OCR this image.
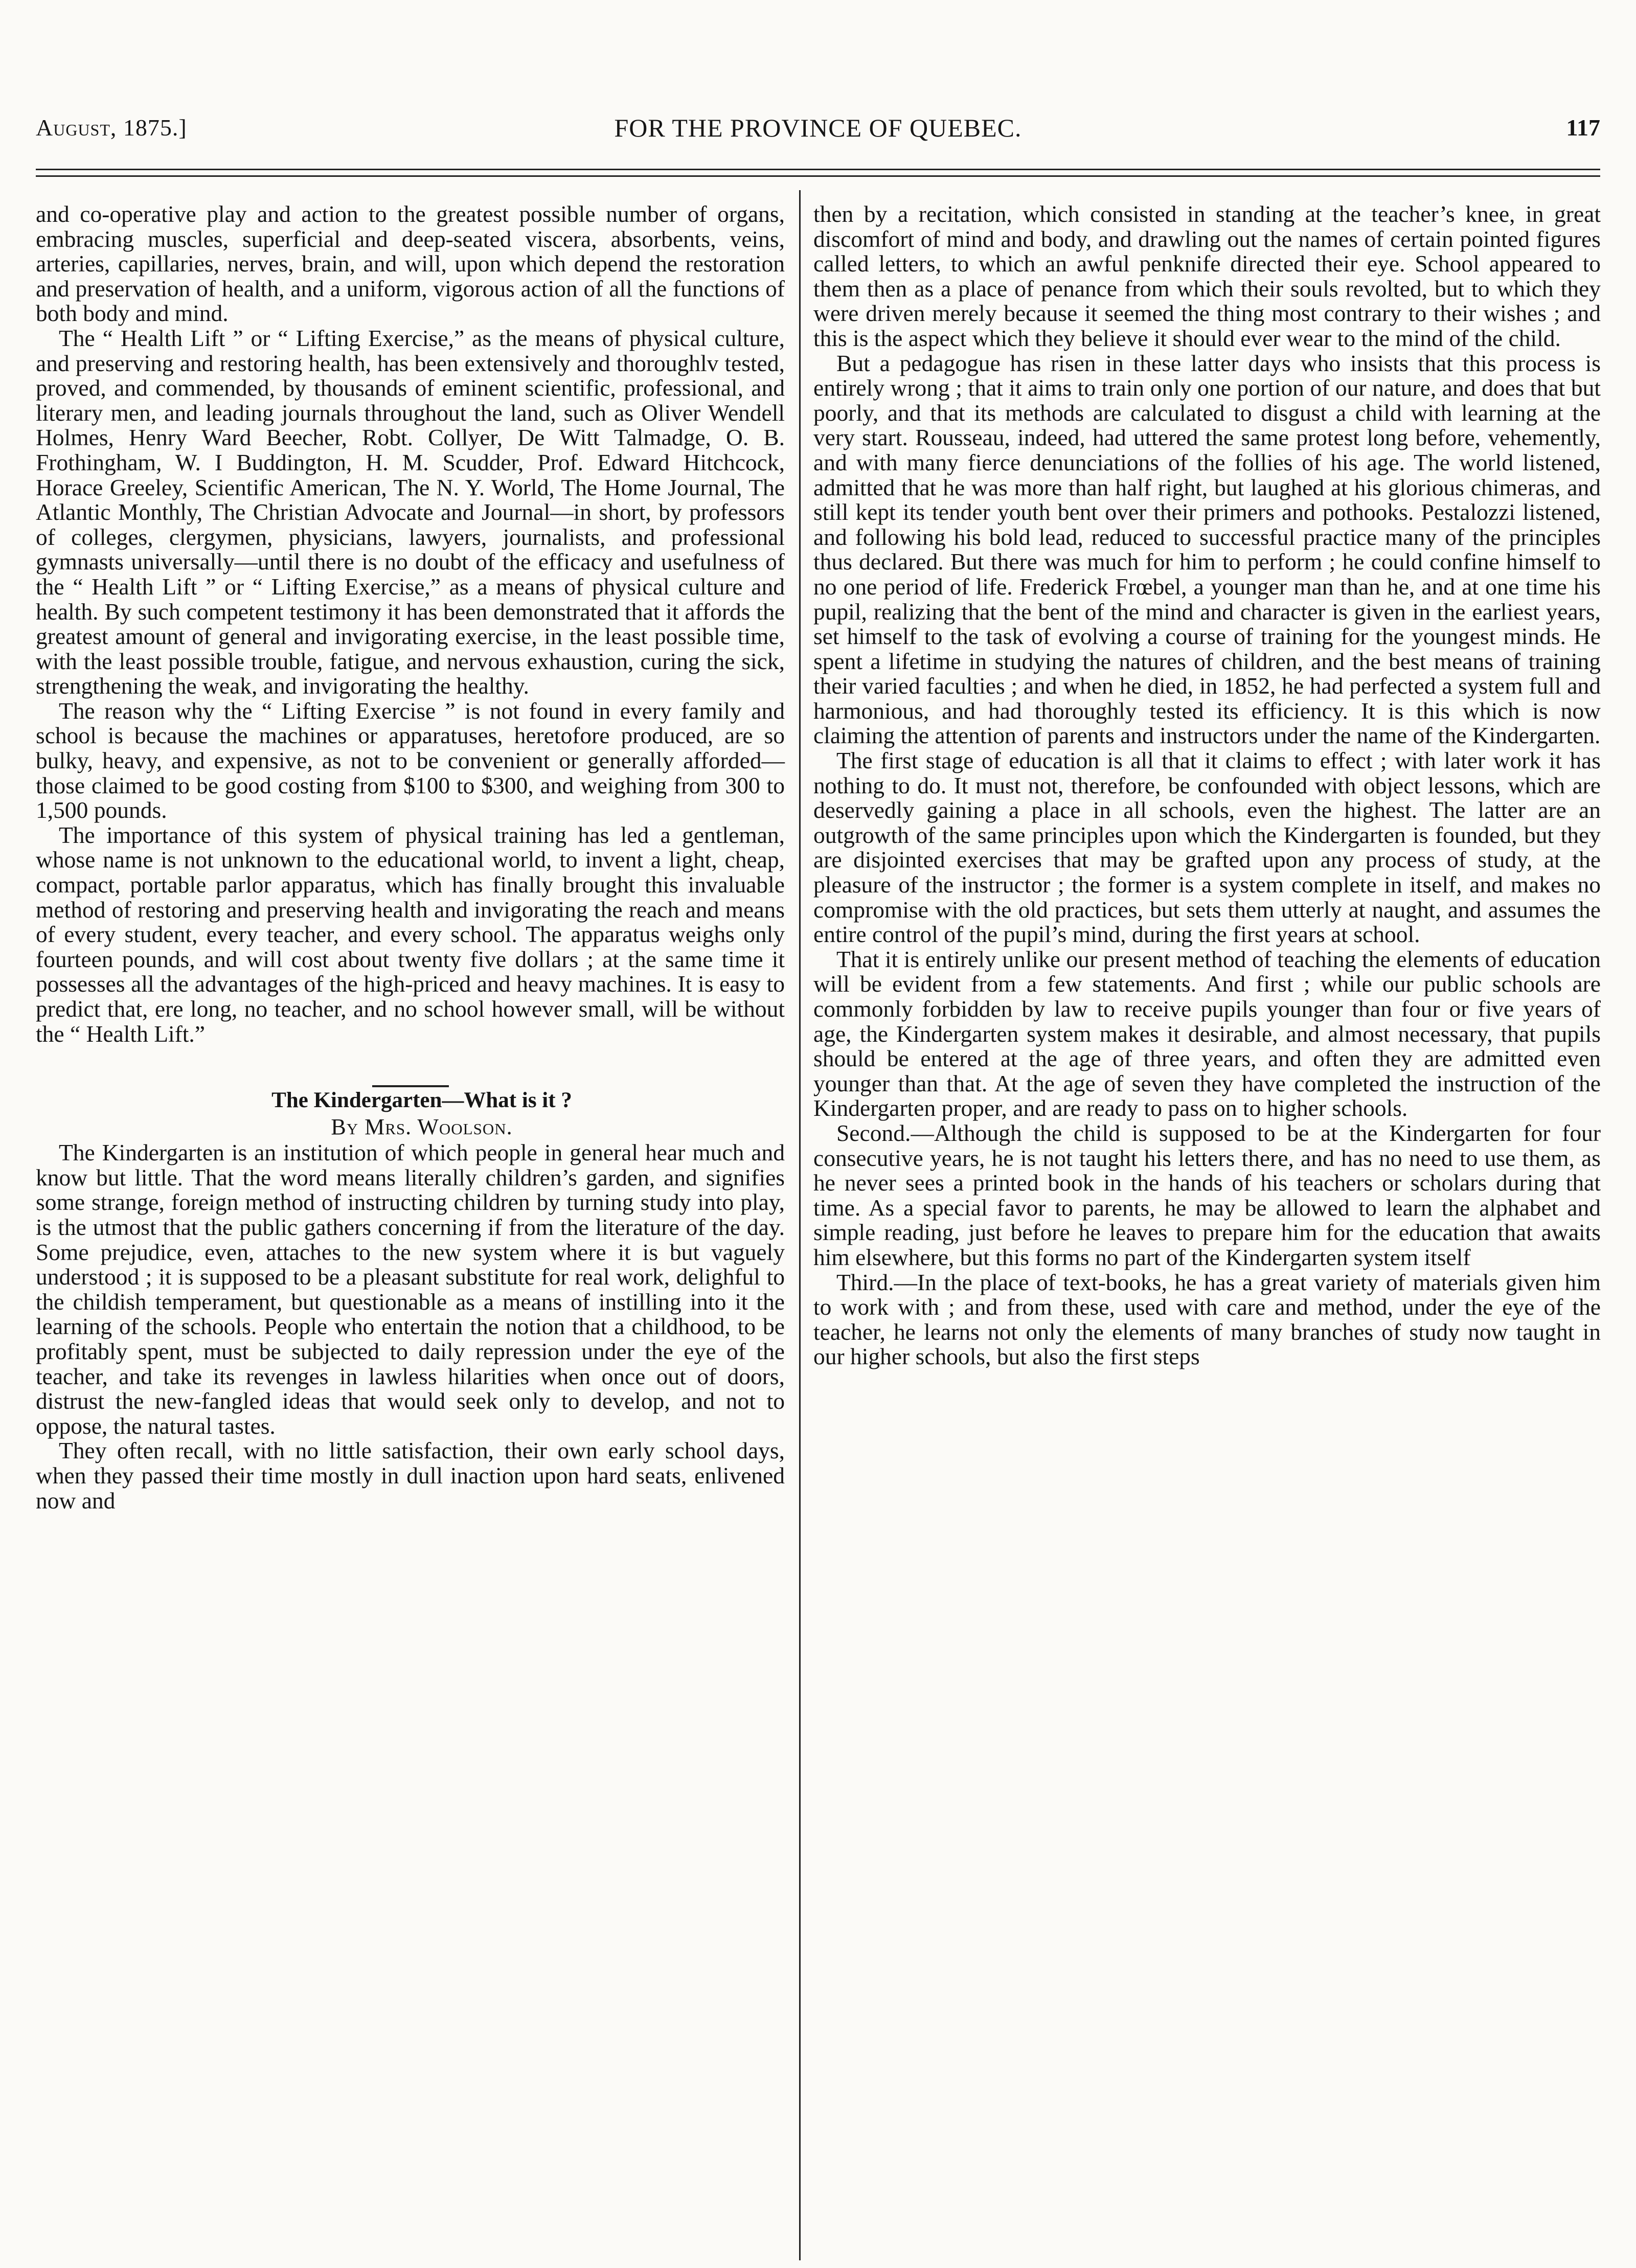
August, 1875.]	FOR THE PROVINCE OF QUEBEC.	117

and co-operative play and action to the greatest possible number of organs, embracing muscles, superficial and deep-seated viscera, absorbents, veins, arteries, capillaries, nerves, brain, and will, upon which depend the restoration and preservation of health, and a uniform, vigorous action of all the functions of both body and mind.

The “ Health Lift ” or “ Lifting Exercise,” as the means of physical culture, and preserving and restoring health, has been extensively and thoroughlv tested, proved, and commended, by thousands of eminent scientific, professional, and literary men, and leading journals throughout the land, such as Oliver Wendell Holmes, Henry Ward Beecher, Robt. Collyer, De Witt Talmadge, O. B. Frothingham, W. I Buddington, H. M. Scudder, Prof. Edward Hitchcock, Horace Greeley, Scientific American, The N. Y. World, The Home Journal, The Atlantic Monthly, The Christian Advocate and Journal—in short, by professors of colleges, clergymen, physicians, lawyers, journalists, and professional gymnasts universally—until there is no doubt of the efficacy and usefulness of the “ Health Lift ” or “ Lifting Exercise,” as a means of physical culture and health. By such competent testimony it has been demonstrated that it affords the greatest amount of general and invigorating exercise, in the least possible time, with the least possible trouble, fatigue, and nervous exhaustion, curing the sick, strengthening the weak, and invigorating the healthy.

The reason why the “ Lifting Exercise ” is not found in every family and school is because the machines or apparatuses, heretofore produced, are so bulky, heavy, and expensive, as not to be convenient or generally afforded—those claimed to be good costing from $100 to $300, and weighing from 300 to 1,500 pounds.

The importance of this system of physical training has led a gentleman, whose name is not unknown to the educational world, to invent a light, cheap, compact, portable parlor apparatus, which has finally brought this invaluable method of restoring and preserving health and invigorating the reach and means of every student, every teacher, and every school. The apparatus weighs only fourteen pounds, and will cost about twenty five dollars ; at the same time it possesses all the advantages of the high-priced and heavy machines. It is easy to predict that, ere long, no teacher, and no school however small, will be without the “ Health Lift.”

The Kindergarten—What is it ?

By Mrs. Woolson.

The Kindergarten is an institution of which people in general hear much and know but little. That the word means literally children’s garden, and signifies some strange, foreign method of instructing children by turning study into play, is the utmost that the public gathers concerning if from the literature of the day. Some prejudice, even, attaches to the new system where it is but vaguely understood ; it is supposed to be a pleasant substitute for real work, delighful to the childish temperament, but questionable as a means of instilling into it the learning of the schools. People who entertain the notion that a childhood, to be profitably spent, must be subjected to daily repression under the eye of the teacher, and take its revenges in lawless hilarities when once out of doors, distrust the new-fangled ideas that would seek only to develop, and not to oppose, the natural tastes.

They often recall, with no little satisfaction, their own early school days, when they passed their time mostly in dull inaction upon hard seats, enlivened now and

then by a recitation, which consisted in standing at the teacher’s knee, in great discomfort of mind and body, and drawling out the names of certain pointed figures called letters, to which an awful penknife directed their eye. School appeared to them then as a place of penance from which their souls revolted, but to which they were driven merely because it seemed the thing most contrary to their wishes ; and this is the aspect which they believe it should ever wear to the mind of the child.

But a pedagogue has risen in these latter days who insists that this process is entirely wrong ; that it aims to train only one portion of our nature, and does that but poorly, and that its methods are calculated to disgust a child with learning at the very start. Rousseau, indeed, had uttered the same protest long before, vehemently, and with many fierce denunciations of the follies of his age. The world listened, admitted that he was more than half right, but laughed at his glorious chimeras, and still kept its tender youth bent over their primers and pothooks. Pestalozzi listened, and following his bold lead, reduced to successful practice many of the principles thus declared. But there was much for him to perform ; he could confine himself to no one period of life. Frederick Frœbel, a younger man than he, and at one time his pupil, realizing that the bent of the mind and character is given in the earliest years, set himself to the task of evolving a course of training for the youngest minds. He spent a lifetime in studying the natures of children, and the best means of training their varied faculties ; and when he died, in 1852, he had perfected a system full and harmonious, and had thoroughly tested its efficiency. It is this which is now claiming the attention of parents and instructors under the name of the Kindergarten.

The first stage of education is all that it claims to effect ; with later work it has nothing to do. It must not, therefore, be confounded with object lessons, which are deservedly gaining a place in all schools, even the highest. The latter are an outgrowth of the same principles upon which the Kindergarten is founded, but they are disjointed exercises that may be grafted upon any process of study, at the pleasure of the instructor ; the former is a system complete in itself, and makes no compromise with the old practices, but sets them utterly at naught, and assumes the entire control of the pupil’s mind, during the first years at school.

That it is entirely unlike our present method of teaching the elements of education will be evident from a few statements. And first ; while our public schools are commonly forbidden by law to receive pupils younger than four or five years of age, the Kindergarten system makes it desirable, and almost necessary, that pupils should be entered at the age of three years, and often they are admitted even younger than that. At the age of seven they have completed the instruction of the Kindergarten proper, and are ready to pass on to higher schools.

Second.—Although the child is supposed to be at the Kindergarten for four consecutive years, he is not taught his letters there, and has no need to use them, as he never sees a printed book in the hands of his teachers or scholars during that time. As a special favor to parents, he may be allowed to learn the alphabet and simple reading, just before he leaves to prepare him for the education that awaits him elsewhere, but this forms no part of the Kindergarten system itself

Third.—In the place of text-books, he has a great variety of materials given him to work with ; and from these, used with care and method, under the eye of the teacher, he learns not only the elements of many branches of study now taught in our higher schools, but also the first steps
